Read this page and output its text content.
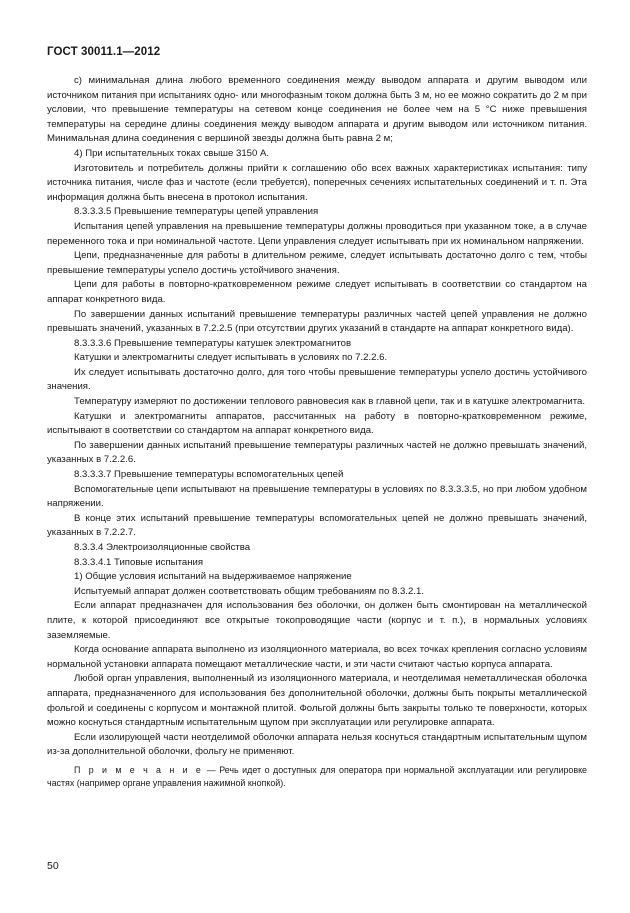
ГОСТ 30011.1—2012

с) минимальная длина любого временного соединения между выводом аппарата и другим выводом или источником питания при испытаниях одно- или многофазным током должна быть 3 м, но ее можно сократить до 2 м при условии, что превышение температуры на сетевом конце соединения не более чем на 5 °С ниже превышения температуры на середине длины соединения между выводом аппарата и другим выводом или источником питания. Минимальная длина соединения с вершиной звезды должна быть равна 2 м;

4) При испытательных токах свыше 3150 А.

Изготовитель и потребитель должны прийти к соглашению обо всех важных характеристиках испытания: типу источника питания, числе фаз и частоте (если требуется), поперечных сечениях испытательных соединений и т. п. Эта информация должна быть внесена в протокол испытания.

8.3.3.3.5 Превышение температуры цепей управления

Испытания цепей управления на превышение температуры должны проводиться при указанном токе, а в случае переменного тока и при номинальной частоте. Цепи управления следует испытывать при их номинальном напряжении.

Цепи, предназначенные для работы в длительном режиме, следует испытывать достаточно долго с тем, чтобы превышение температуры успело достичь устойчивого значения.

Цепи для работы в повторно-кратковременном режиме следует испытывать в соответствии со стандартом на аппарат конкретного вида.

По завершении данных испытаний превышение температуры различных частей цепей управления не должно превышать значений, указанных в 7.2.2.5 (при отсутствии других указаний в стандарте на аппарат конкретного вида).

8.3.3.3.6 Превышение температуры катушек электромагнитов

Катушки и электромагниты следует испытывать в условиях по 7.2.2.6.

Их следует испытывать достаточно долго, для того чтобы превышение температуры успело достичь устойчивого значения.

Температуру измеряют по достижении теплового равновесия как в главной цепи, так и в катушке электромагнита.

Катушки и электромагниты аппаратов, рассчитанных на работу в повторно-кратковременном режиме, испытывают в соответствии со стандартом на аппарат конкретного вида.

По завершении данных испытаний превышение температуры различных частей не должно превышать значений, указанных в 7.2.2.6.

8.3.3.3.7 Превышение температуры вспомогательных цепей

Вспомогательные цепи испытывают на превышение температуры в условиях по 8.3.3.3.5, но при любом удобном напряжении.

В конце этих испытаний превышение температуры вспомогательных цепей не должно превышать значений, указанных в 7.2.2.7.

8.3.3.4 Электроизоляционные свойства

8.3.3.4.1 Типовые испытания

1) Общие условия испытаний на выдерживаемое напряжение

Испытуемый аппарат должен соответствовать общим требованиям по 8.3.2.1.

Если аппарат предназначен для использования без оболочки, он должен быть смонтирован на металлической плите, к которой присоединяют все открытые токопроводящие части (корпус и т. п.), в нормальных условиях заземляемые.

Когда основание аппарата выполнено из изоляционного материала, во всех точках крепления согласно условиям нормальной установки аппарата помещают металлические части, и эти части считают частью корпуса аппарата.

Любой орган управления, выполненный из изоляционного материала, и неотделимая неметаллическая оболочка аппарата, предназначенного для использования без дополнительной оболочки, должны быть покрыты металлической фольгой и соединены с корпусом и монтажной плитой. Фольгой должны быть закрыты только те поверхности, которых можно коснуться стандартным испытательным щупом при эксплуатации или регулировке аппарата.

Если изолирующей части неотделимой оболочки аппарата нельзя коснуться стандартным испытательным щупом из-за дополнительной оболочки, фольгу не применяют.

П р и м е ч а н и е — Речь идет о доступных для оператора при нормальной эксплуатации или регулировке частях (например органе управления нажимной кнопкой).

50
